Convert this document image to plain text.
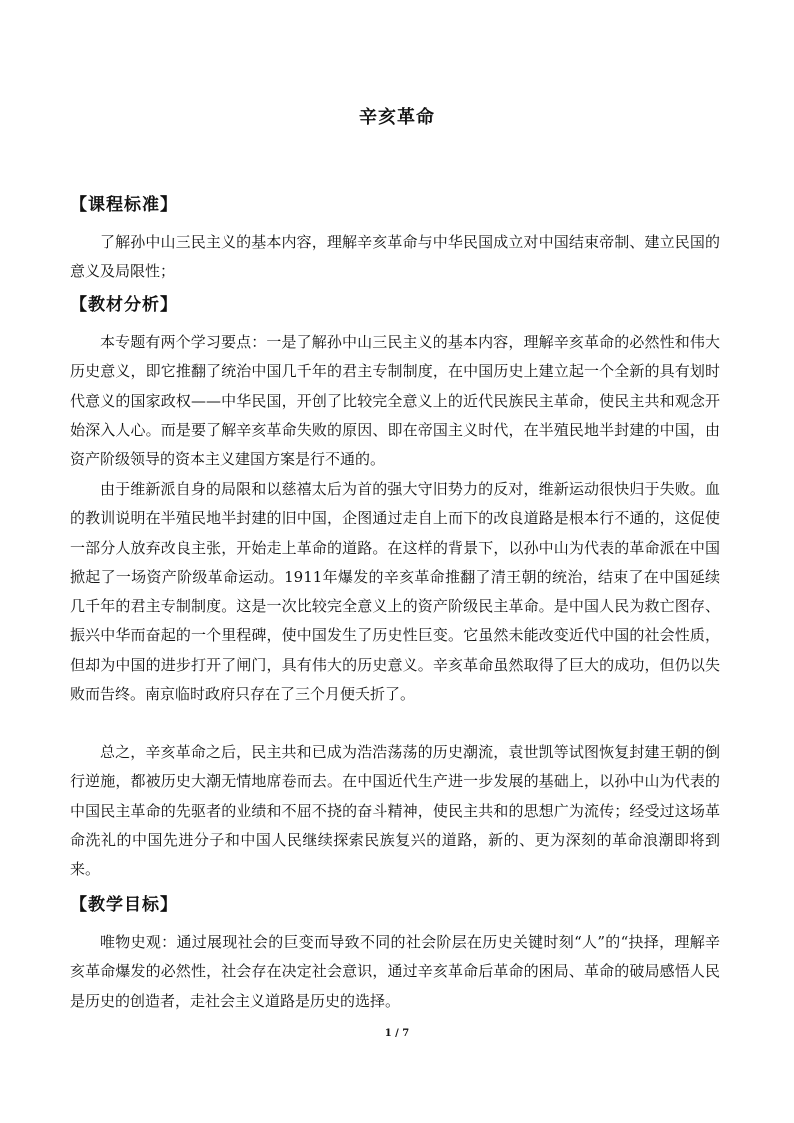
辛亥革命
【课程标准】

了解孙中山三民主义的基本内容，理解辛亥革命与中华民国成立对中国结束帝制、建立民国的意义及局限性；

【教材分析】

本专题有两个学习要点：一是了解孙中山三民主义的基本内容，理解辛亥革命的必然性和伟大历史意义，即它推翻了统治中国几千年的君主专制制度，在中国历史上建立起一个全新的具有划时代意义的国家政权——中华民国，开创了比较完全意义上的近代民族民主革命，使民主共和观念开始深入人心。而是要了解辛亥革命失败的原因、即在帝国主义时代，在半殖民地半封建的中国，由资产阶级领导的资本主义建国方案是行不通的。

由于维新派自身的局限和以慈禧太后为首的强大守旧势力的反对，维新运动很快归于失败。血的教训说明在半殖民地半封建的旧中国，企图通过走自上而下的改良道路是根本行不通的，这促使一部分人放弃改良主张，开始走上革命的道路。在这样的背景下，以孙中山为代表的革命派在中国掀起了一场资产阶级革命运动。1911年爆发的辛亥革命推翻了清王朝的统治，结束了在中国延续几千年的君主专制制度。这是一次比较完全意义上的资产阶级民主革命。是中国人民为救亡图存、振兴中华而奋起的一个里程碑，使中国发生了历史性巨变。它虽然未能改变近代中国的社会性质，但却为中国的进步打开了闸门，具有伟大的历史意义。辛亥革命虽然取得了巨大的成功，但仍以失败而告终。南京临时政府只存在了三个月便夭折了。

总之，辛亥革命之后，民主共和已成为浩浩荡荡的历史潮流，袁世凯等试图恢复封建王朝的倒行逆施，都被历史大潮无情地席卷而去。在中国近代生产进一步发展的基础上，以孙中山为代表的中国民主革命的先驱者的业绩和不屈不挠的奋斗精神，使民主共和的思想广为流传；经受过这场革命洗礼的中国先进分子和中国人民继续探索民族复兴的道路，新的、更为深刻的革命浪潮即将到来。

【教学目标】

唯物史观：通过展现社会的巨变而导致不同的社会阶层在历史关键时刻“人”的“抉择，理解辛亥革命爆发的必然性，社会存在决定社会意识，通过辛亥革命后革命的困局、革命的破局感悟人民是历史的创造者，走社会主义道路是历史的选择。

1 / 7
